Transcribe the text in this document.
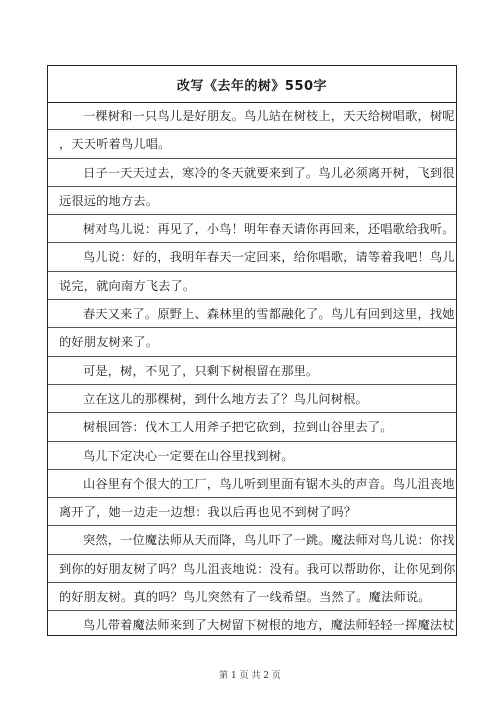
改写《去年的树》550字
一棵树和一只鸟儿是好朋友。鸟儿站在树枝上，天天给树唱歌，树呢
，天天听着鸟儿唱。
日子一天天过去，寒冷的冬天就要来到了。鸟儿必须离开树，飞到很
远很远的地方去。
树对鸟儿说：再见了，小鸟！明年春天请你再回来，还唱歌给我听。
鸟儿说：好的，我明年春天一定回来，给你唱歌，请等着我吧！鸟儿
说完，就向南方飞去了。
春天又来了。原野上、森林里的雪都融化了。鸟儿有回到这里，找她
的好朋友树来了。
可是，树，不见了，只剩下树根留在那里。
立在这儿的那棵树，到什么地方去了？鸟儿问树根。
树根回答：伐木工人用斧子把它砍到，拉到山谷里去了。
鸟儿下定决心一定要在山谷里找到树。
山谷里有个很大的工厂，鸟儿听到里面有锯木头的声音。鸟儿沮丧地
离开了，她一边走一边想：我以后再也见不到树了吗？
突然，一位魔法师从天而降，鸟儿吓了一跳。魔法师对鸟儿说：你找
到你的好朋友树了吗？鸟儿沮丧地说：没有。我可以帮助你，让你见到你
的好朋友树。真的吗？鸟儿突然有了一线希望。当然了。魔法师说。
鸟儿带着魔法师来到了大树留下树根的地方，魔法师轻轻一挥魔法杖
第 1 页 共 2 页
